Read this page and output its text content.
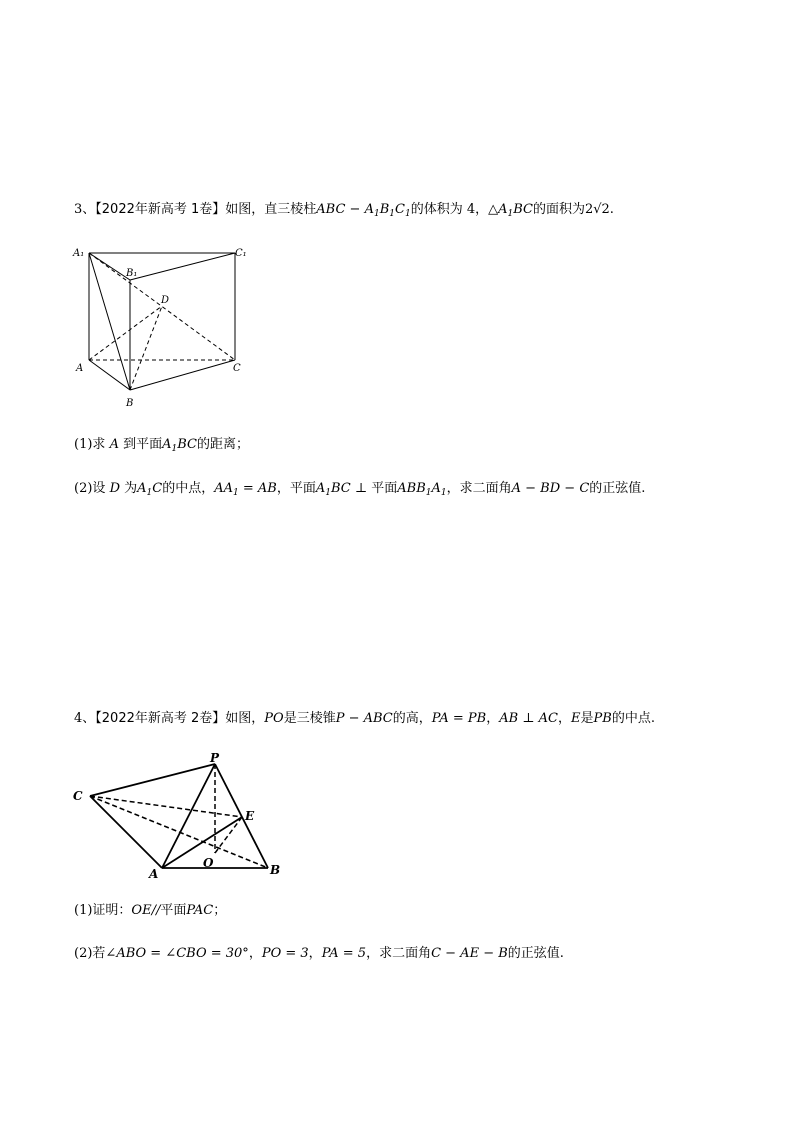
3、【2022年新高考 1卷】如图，直三棱柱ABC − $A_1B_1C_1$的体积为 4，$\triangle A_1BC$的面积为2√2.
A₁
B₁
C₁
D
A
B
C
(1)求 A 到平面$A_1BC$的距离；
(2)设 D 为$A_1C$的中点，$AA_1$ = AB，平面$A_1BC$ ⊥ 平面$ABB_1A_1$，求二面角A − BD − C的正弦值.
4、【2022年新高考 2卷】如图，PO是三棱锥P − ABC的高，PA = PB，AB ⊥ AC，E是PB的中点.
P
C
E
O
A	B
(1)证明：OE//平面PAC；
(2)若∠ABO = ∠CBO = 30°，PO = 3，PA = 5，求二面角C − AE − B的正弦值.
